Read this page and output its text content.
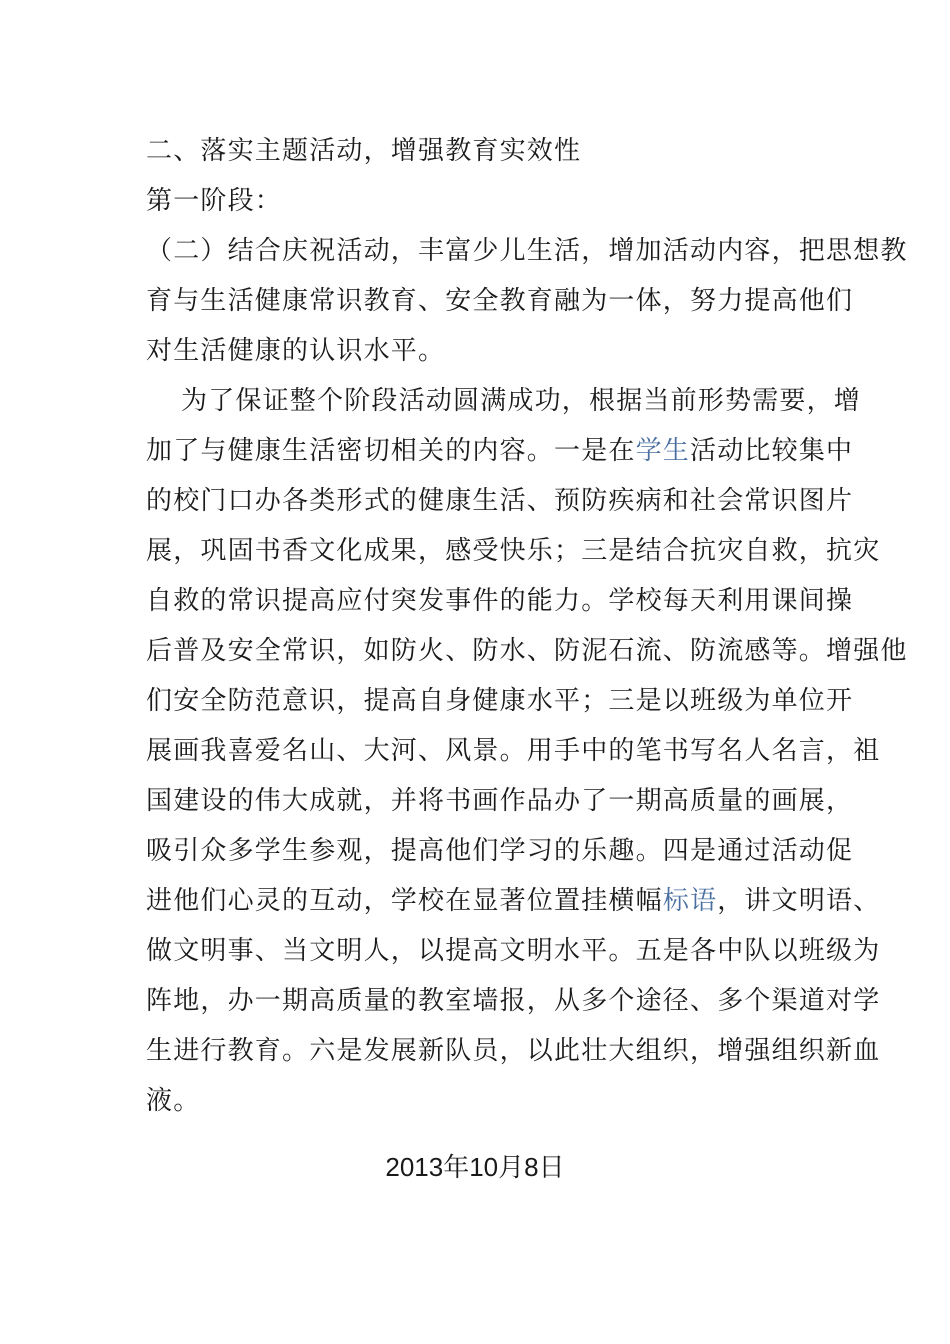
二、落实主题活动，增强教育实效性
第一阶段：
（二）结合庆祝活动，丰富少儿生活，增加活动内容，把思想教
育与生活健康常识教育、安全教育融为一体，努力提高他们
对生活健康的认识水平。
为了保证整个阶段活动圆满成功，根据当前形势需要，增
加了与健康生活密切相关的内容。一是在学生活动比较集中
的校门口办各类形式的健康生活、预防疾病和社会常识图片
展，巩固书香文化成果，感受快乐；三是结合抗灾自救，抗灾
自救的常识提高应付突发事件的能力。学校每天利用课间操
后普及安全常识，如防火、防水、防泥石流、防流感等。增强他
们安全防范意识，提高自身健康水平；三是以班级为单位开
展画我喜爱名山、大河、风景。用手中的笔书写名人名言，祖
国建设的伟大成就，并将书画作品办了一期高质量的画展，
吸引众多学生参观，提高他们学习的乐趣。四是通过活动促
进他们心灵的互动，学校在显著位置挂横幅标语，讲文明语、
做文明事、当文明人，以提高文明水平。五是各中队以班级为
阵地，办一期高质量的教室墙报，从多个途径、多个渠道对学
生进行教育。六是发展新队员，以此壮大组织，增强组织新血
液。
2013年10月8日
